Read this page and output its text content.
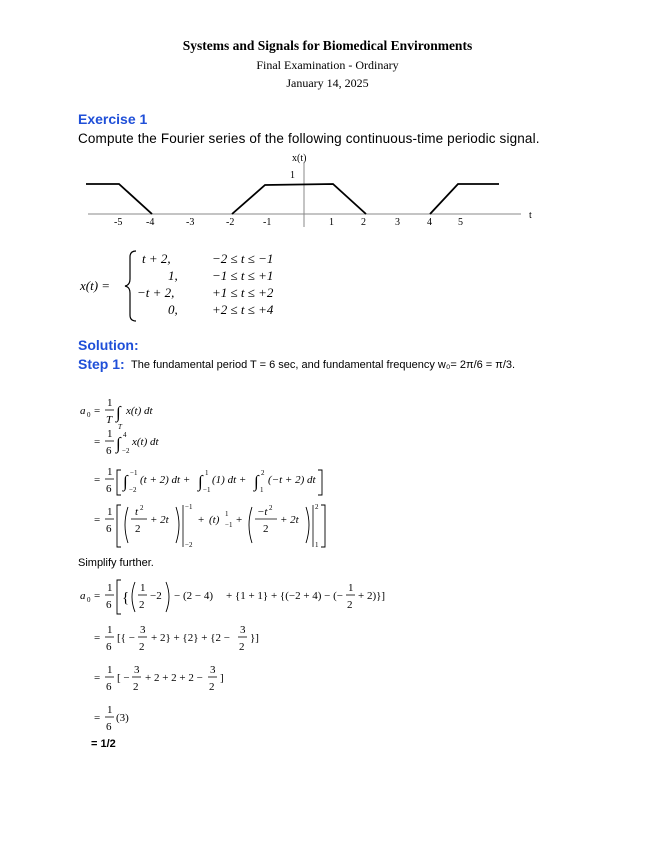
Systems and Signals for Biomedical Environments
Final Examination - Ordinary
January 14, 2025
Exercise 1
Compute the Fourier series of the following continuous-time periodic signal.
x(t)
1
t
-5 -4	-3	-2	-1	1	2	3	4	5
x(t) =
t + 2,	−2 ≤ t ≤ −1
1,	−1 ≤ t ≤ +1
−t + 2,	+1 ≤ t ≤ +2
0,	+2 ≤ t ≤ +4
Solution:
Step 1: The fundamental period T = 6 sec, and fundamental frequency w₀= 2π/6 = π/3.
a 0 =
1
T ∫
T
x(t) dt
=
1
6 ∫ −2
4
x(t) dt
=
1
6 ∫ −2
−1
(t + 2) dt + ∫ −1
1
(1) dt + ∫ 1
2
(−t + 2) dt
=
1
6
t 2
2
+ 2t
−1
−2
+ (t) 1
−1 +
−t 2
2
+ 2t
2
1
Simplify further.
a 0 =
1
6 {
1
2
−2 − (2 − 4) + {1 + 1} + {(−2 + 4) − (−
1
2
+ 2)}]
=
1
6
[{ −
3
2
+ 2} + {2} + {2 −
3
2
}]
=
1
6
[ −
3
2
+ 2 + 2 + 2 −
3
2
]
=
1
6
(3)
= 1/2
